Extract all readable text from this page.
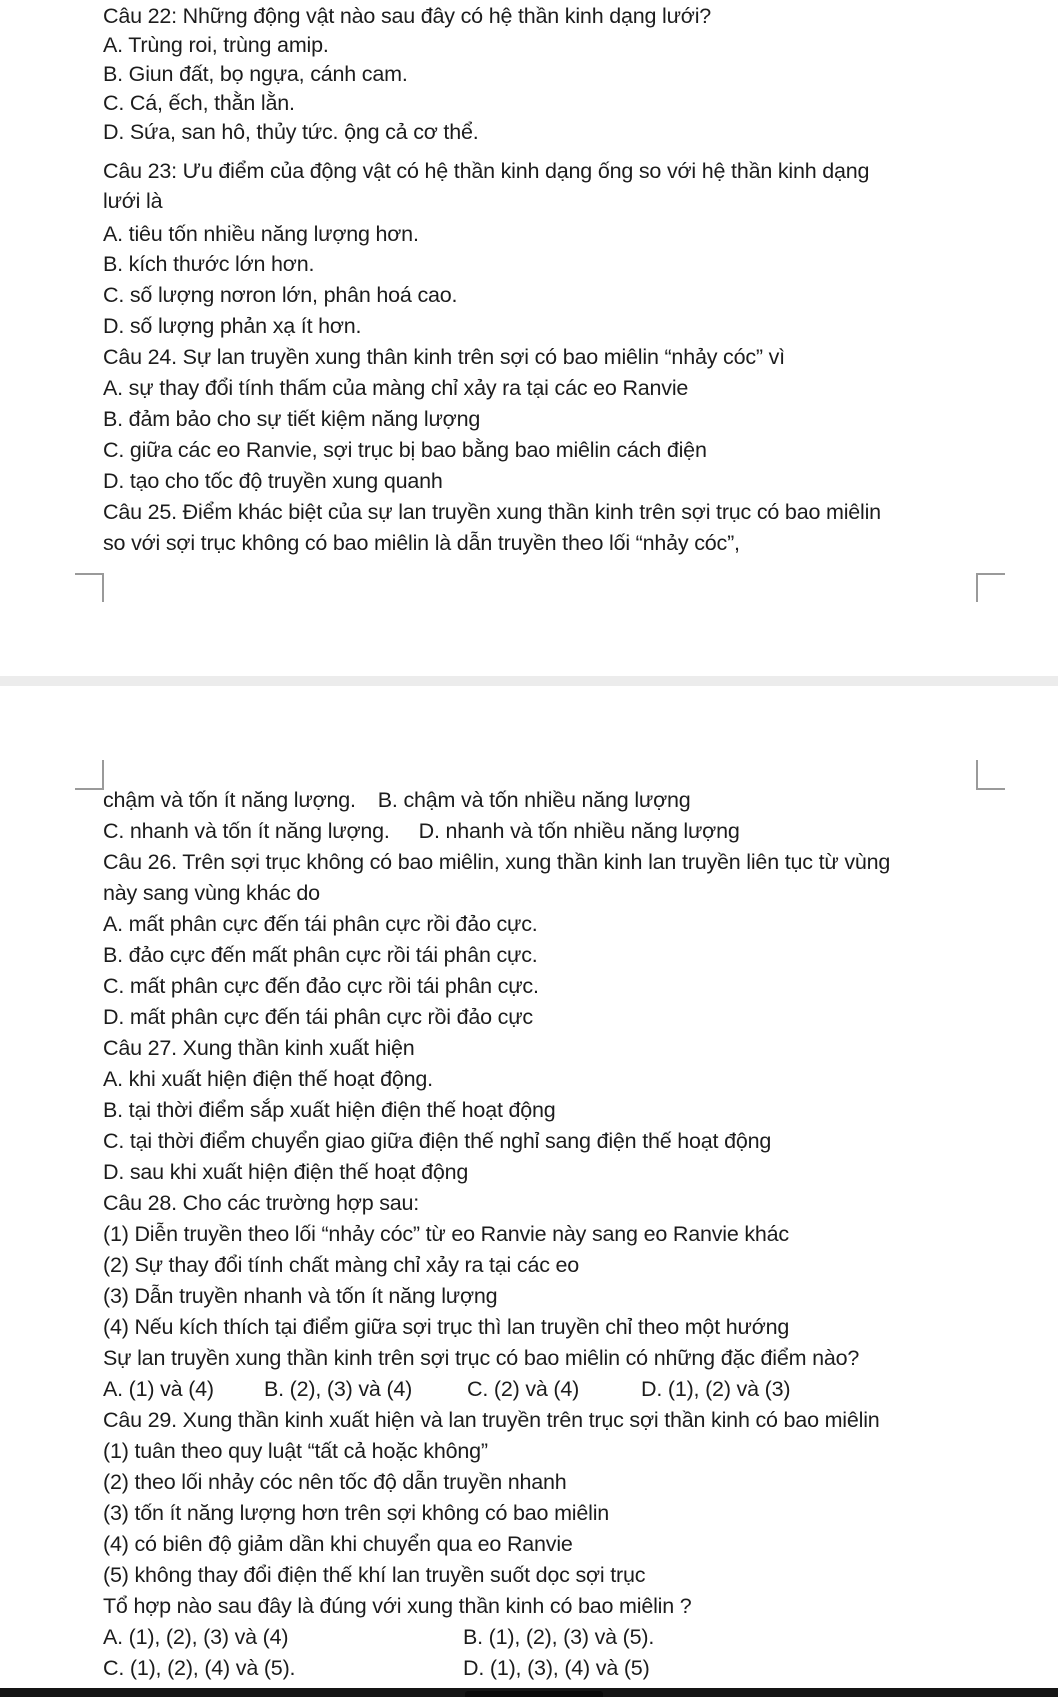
Câu 22: Những động vật nào sau đây có hệ thần kinh dạng lưới?
A. Trùng roi, trùng amip.
B. Giun đất, bọ ngựa, cánh cam.
C. Cá, ếch, thằn lằn.
D. Sứa, san hô, thủy tức. ộng cả cơ thể.
Câu 23: Ưu điểm của động vật có hệ thần kinh dạng ống so với hệ thần kinh dạng
lưới là
A. tiêu tốn nhiều năng lượng hơn.
B. kích thước lớn hơn.
C. số lượng nơron lớn, phân hoá cao.
D. số lượng phản xạ ít hơn.
Câu 24. Sự lan truyền xung thân kinh trên sợi có bao miêlin “nhảy cóc” vì
A. sự thay đổi tính thấm của màng chỉ xảy ra tại các eo Ranvie
B. đảm bảo cho sự tiết kiệm năng lượng
C. giữa các eo Ranvie, sợi trục bị bao bằng bao miêlin cách điện
D. tạo cho tốc độ truyền xung quanh
Câu 25. Điểm khác biệt của sự lan truyền xung thần kinh trên sợi trục có bao miêlin
so với sợi trục không có bao miêlin là dẫn truyền theo lối “nhảy cóc”,
chậm và tốn ít năng lượng. B. chậm và tốn nhiều năng lượng
C. nhanh và tốn ít năng lượng. D. nhanh và tốn nhiều năng lượng
Câu 26. Trên sợi trục không có bao miêlin, xung thần kinh lan truyền liên tục từ vùng
này sang vùng khác do
A. mất phân cực đến tái phân cực rồi đảo cực.
B. đảo cực đến mất phân cực rồi tái phân cực.
C. mất phân cực đến đảo cực rồi tái phân cực.
D. mất phân cực đến tái phân cực rồi đảo cực
Câu 27. Xung thần kinh xuất hiện
A. khi xuất hiện điện thế hoạt động.
B. tại thời điểm sắp xuất hiện điện thế hoạt động
C. tại thời điểm chuyển giao giữa điện thế nghỉ sang điện thế hoạt động
D. sau khi xuất hiện điện thế hoạt động
Câu 28. Cho các trường hợp sau:
(1) Diễn truyền theo lối “nhảy cóc” từ eo Ranvie này sang eo Ranvie khác
(2) Sự thay đổi tính chất màng chỉ xảy ra tại các eo
(3) Dẫn truyền nhanh và tốn ít năng lượng
(4) Nếu kích thích tại điểm giữa sợi trục thì lan truyền chỉ theo một hướng
Sự lan truyền xung thần kinh trên sợi trục có bao miêlin có những đặc điểm nào?
A. (1) và (4)	B. (2), (3) và (4)	C. (2) và (4)	D. (1), (2) và (3)
Câu 29. Xung thần kinh xuất hiện và lan truyền trên trục sợi thần kinh có bao miêlin
(1) tuân theo quy luật “tất cả hoặc không”
(2) theo lối nhảy cóc nên tốc độ dẫn truyền nhanh
(3) tốn ít năng lượng hơn trên sợi không có bao miêlin
(4) có biên độ giảm dần khi chuyển qua eo Ranvie
(5) không thay đổi điện thế khí lan truyền suốt dọc sợi trục
Tổ hợp nào sau đây là đúng với xung thần kinh có bao miêlin ?
A. (1), (2), (3) và (4)	B. (1), (2), (3) và (5).
C. (1), (2), (4) và (5).	D. (1), (3), (4) và (5)
